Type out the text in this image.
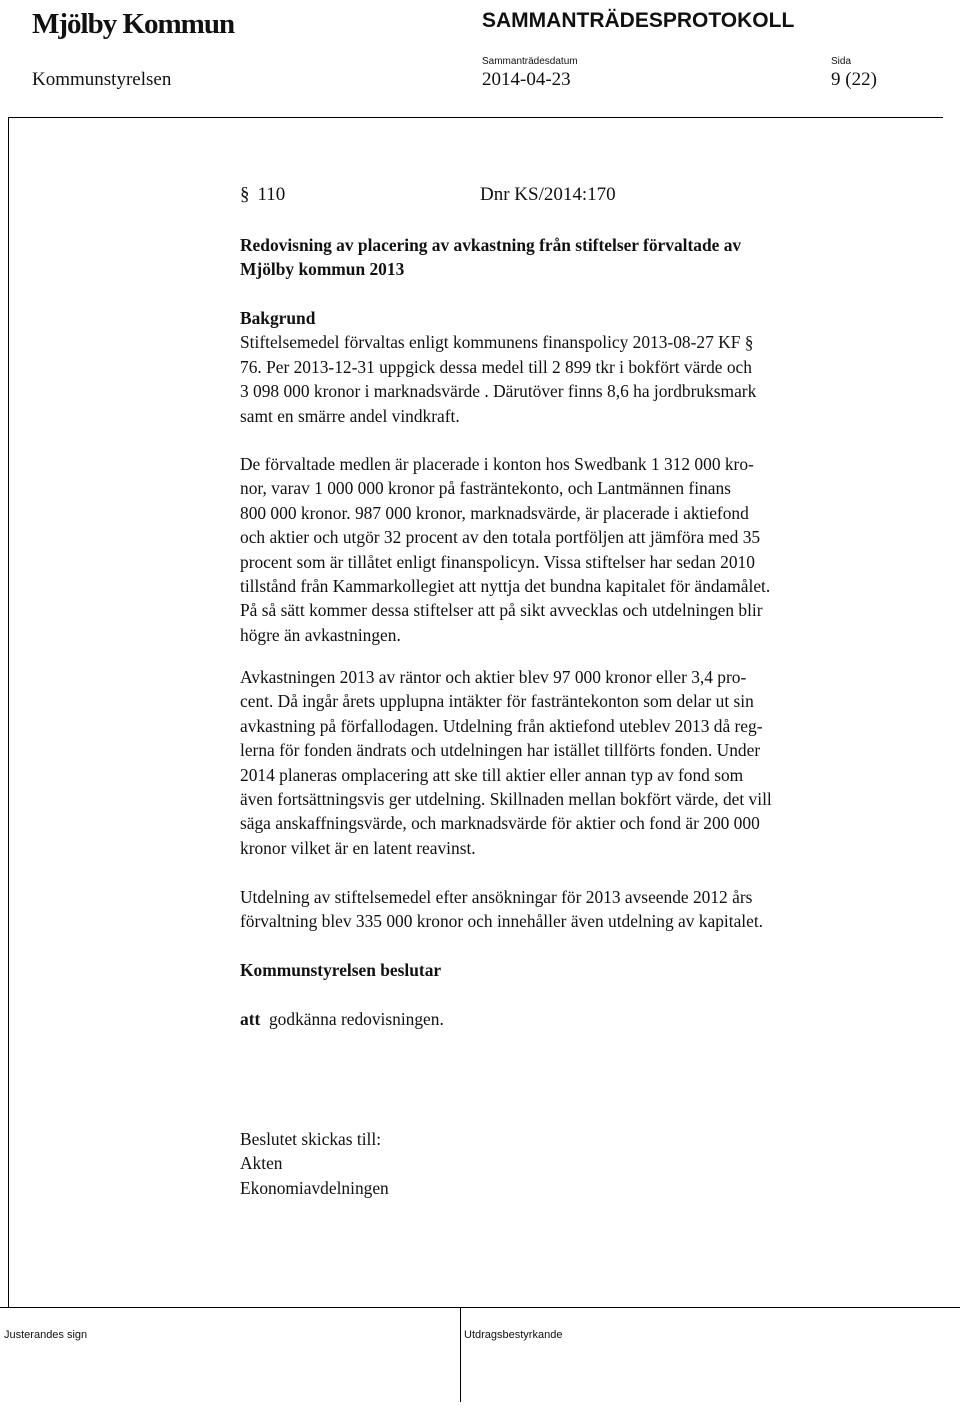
Mjölby Kommun	SAMMANTRÄDESPROTOKOLL
Sammanträdesdatum	Sida
Kommunstyrelsen	2014-04-23	9 (22)
§ 110	Dnr KS/2014:170
Redovisning av placering av avkastning från stiftelser förvaltade av
Mjölby kommun 2013
Bakgrund
Stiftelsemedel förvaltas enligt kommunens finanspolicy 2013-08-27 KF §
76. Per 2013-12-31 uppgick dessa medel till 2 899 tkr i bokfört värde och
3 098 000 kronor i marknadsvärde . Därutöver finns 8,6 ha jordbruksmark
samt en smärre andel vindkraft.
De förvaltade medlen är placerade i konton hos Swedbank 1 312 000 kro-
nor, varav 1 000 000 kronor på fasträntekonto, och Lantmännen finans
800 000 kronor. 987 000 kronor, marknadsvärde, är placerade i aktiefond
och aktier och utgör 32 procent av den totala portföljen att jämföra med 35
procent som är tillåtet enligt finanspolicyn. Vissa stiftelser har sedan 2010
tillstånd från Kammarkollegiet att nyttja det bundna kapitalet för ändamålet.
På så sätt kommer dessa stiftelser att på sikt avvecklas och utdelningen blir
högre än avkastningen.
Avkastningen 2013 av räntor och aktier blev 97 000 kronor eller 3,4 pro-
cent. Då ingår årets upplupna intäkter för fasträntekonton som delar ut sin
avkastning på förfallodagen. Utdelning från aktiefond uteblev 2013 då reg-
lerna för fonden ändrats och utdelningen har istället tillförts fonden. Under
2014 planeras omplacering att ske till aktier eller annan typ av fond som
även fortsättningsvis ger utdelning. Skillnaden mellan bokfört värde, det vill
säga anskaffningsvärde, och marknadsvärde för aktier och fond är 200 000
kronor vilket är en latent reavinst.
Utdelning av stiftelsemedel efter ansökningar för 2013 avseende 2012 års
förvaltning blev 335 000 kronor och innehåller även utdelning av kapitalet.
Kommunstyrelsen beslutar
att godkänna redovisningen.
Beslutet skickas till:
Akten
Ekonomiavdelningen
Justerandes sign	Utdragsbestyrkande
